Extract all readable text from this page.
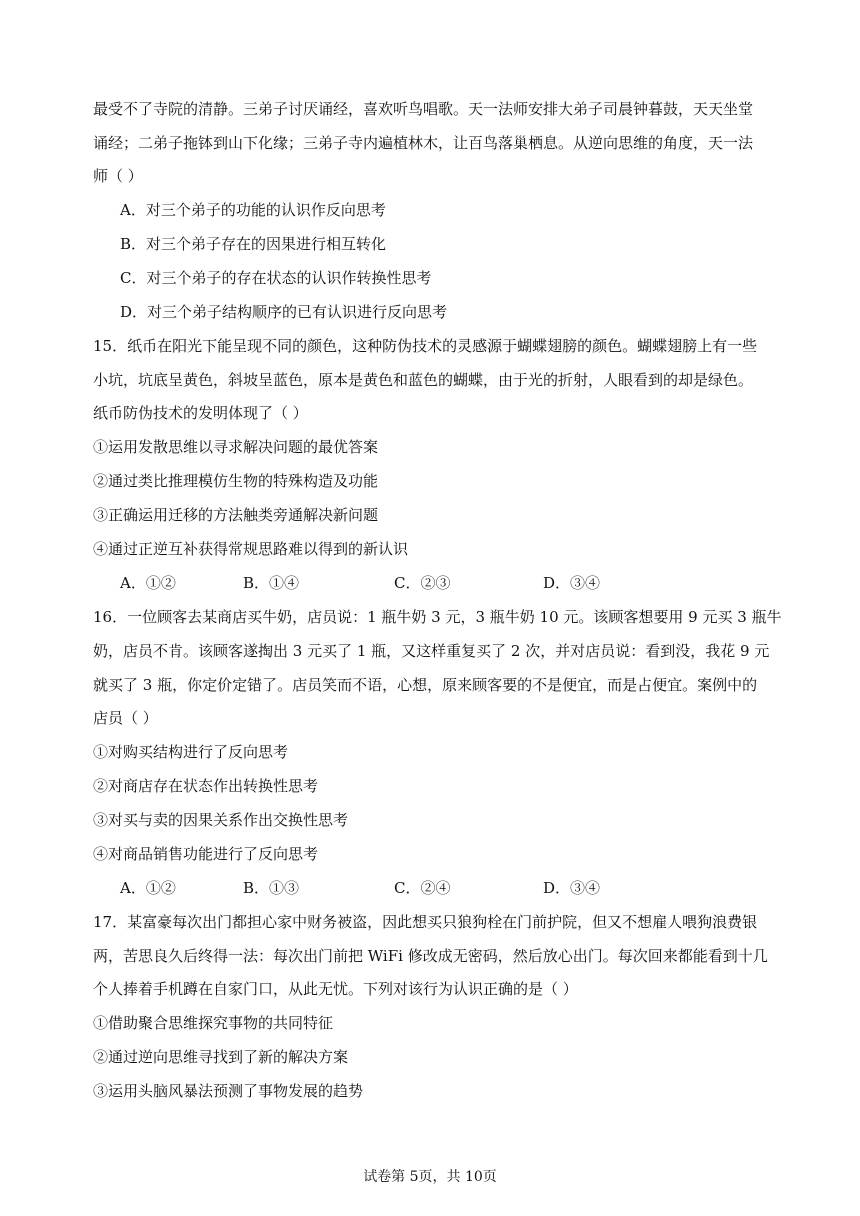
最受不了寺院的清静。三弟子讨厌诵经，喜欢听鸟唱歌。天一法师安排大弟子司晨钟暮鼓，天天坐堂
诵经；二弟子拖钵到山下化缘；三弟子寺内遍植林木，让百鸟落巢栖息。从逆向思维的角度，天一法
师（ ）
A．对三个弟子的功能的认识作反向思考
B．对三个弟子存在的因果进行相互转化
C．对三个弟子的存在状态的认识作转换性思考
D．对三个弟子结构顺序的已有认识进行反向思考
15．纸币在阳光下能呈现不同的颜色，这种防伪技术的灵感源于蝴蝶翅膀的颜色。蝴蝶翅膀上有一些
小坑，坑底呈黄色，斜坡呈蓝色，原本是黄色和蓝色的蝴蝶，由于光的折射，人眼看到的却是绿色。
纸币防伪技术的发明体现了（ ）
①运用发散思维以寻求解决问题的最优答案
②通过类比推理模仿生物的特殊构造及功能
③正确运用迁移的方法触类旁通解决新问题
④通过正逆互补获得常规思路难以得到的新认识
A．①②	B．①④	C．②③	D．③④
16．一位顾客去某商店买牛奶，店员说：1 瓶牛奶 3 元，3 瓶牛奶 10 元。该顾客想要用 9 元买 3 瓶牛
奶，店员不肯。该顾客遂掏出 3 元买了 1 瓶，又这样重复买了 2 次，并对店员说：看到没，我花 9 元
就买了 3 瓶，你定价定错了。店员笑而不语，心想，原来顾客要的不是便宜，而是占便宜。案例中的
店员（ ）
①对购买结构进行了反向思考
②对商店存在状态作出转换性思考
③对买与卖的因果关系作出交换性思考
④对商品销售功能进行了反向思考
A．①②	B．①③	C．②④	D．③④
17．某富豪每次出门都担心家中财务被盗，因此想买只狼狗栓在门前护院，但又不想雇人喂狗浪费银
两，苦思良久后终得一法：每次出门前把 WiFi 修改成无密码，然后放心出门。每次回来都能看到十几
个人捧着手机蹲在自家门口，从此无忧。下列对该行为认识正确的是（ ）
①借助聚合思维探究事物的共同特征
②通过逆向思维寻找到了新的解决方案
③运用头脑风暴法预测了事物发展的趋势
试卷第 5页，共 10页
